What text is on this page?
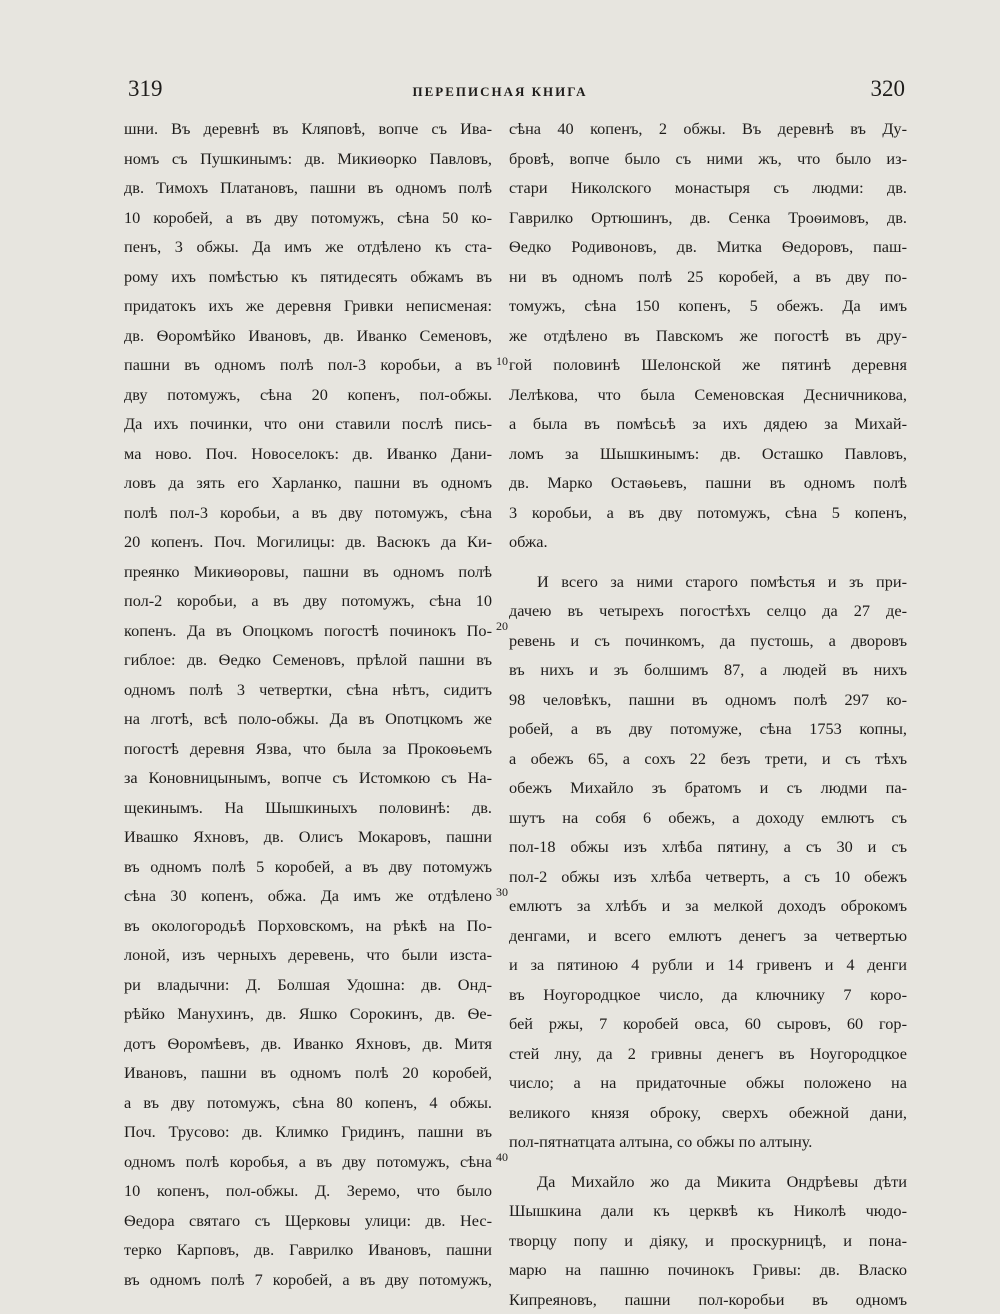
319	ПЕРЕПИСНАЯ КНИГА	320
шни. Въ деревнѣ въ Кляповѣ, вопче съ Ива-
номъ съ Пушкинымъ: дв. Микиѳорко Павловъ,
дв. Тимохъ Платановъ, пашни въ одномъ полѣ
10 коробей, а въ дву потомужъ, сѣна 50 ко-
пенъ, 3 обжы. Да имъ же отдѣлено къ ста-
рому ихъ помѣстью къ пятидесять обжамъ въ
придатокъ ихъ же деревня Гривки неписменая:
дв. Ѳоромѣйко Ивановъ, дв. Иванко Семеновъ,
пашни въ одномъ полѣ пол-3 коробьи, а въ
дву потомужъ, сѣна 20 копенъ, пол-обжы.
Да ихъ починки, что они ставили послѣ пись-
ма ново. Поч. Новоселокъ: дв. Иванко Дани-
ловъ да зять его Харланко, пашни въ одномъ
полѣ пол-3 коробьи, а въ дву потомужъ, сѣна
20 копенъ. Поч. Могилицы: дв. Васюкъ да Ки-
преянко Микиѳоровы, пашни въ одномъ полѣ
пол-2 коробьи, а въ дву потомужъ, сѣна 10
копенъ. Да въ Опоцкомъ погостѣ починокъ По-
гиблое: дв. Ѳедко Семеновъ, прѣлой пашни въ
одномъ полѣ 3 четвертки, сѣна нѣтъ, сидитъ
на лготѣ, всѣ поло-обжы. Да въ Опотцкомъ же
погостѣ деревня Язва, что была за Прокоѳьемъ
за Коновницынымъ, вопче съ Истомкою съ На-
щекинымъ. На Шышкиныхъ половинѣ: дв.
Ивашко Яхновъ, дв. Олисъ Мокаровъ, пашни
въ одномъ полѣ 5 коробей, а въ дву потомужъ
сѣна 30 копенъ, обжа. Да имъ же отдѣлено
въ окологородьѣ Порховскомъ, на рѣкѣ на По-
лоной, изъ черныхъ деревень, что были изста-
ри владычни: Д. Болшая Удошна: дв. Онд-
рѣйко Манухинъ, дв. Яшко Сорокинъ, дв. Ѳе-
дотъ Ѳоромѣевъ, дв. Иванко Яхновъ, дв. Митя
Ивановъ, пашни въ одномъ полѣ 20 коробей,
а въ дву потомужъ, сѣна 80 копенъ, 4 обжы.
Поч. Трусово: дв. Климко Гридинъ, пашни въ
одномъ полѣ коробья, а въ дву потомужъ, сѣна
10 копенъ, пол-обжы. Д. Зеремо, что было
Ѳедора святаго съ Щерковы улици: дв. Нес-
терко Карповъ, дв. Гаврилко Ивановъ, пашни
въ одномъ полѣ 7 коробей, а въ дву потомужъ,
сѣна 40 копенъ, 2 обжы. Въ деревнѣ въ Ду-
бровѣ, вопче было съ ними жъ, что было из-
стари Николского монастыря съ людми: дв.
Гаврилко Ортюшинъ, дв. Сенка Троѳимовъ, дв.
Ѳедко Родивоновъ, дв. Митка Ѳедоровъ, паш-
ни въ одномъ полѣ 25 коробей, а въ дву по-
томужъ, сѣна 150 копенъ, 5 обежъ. Да имъ
же отдѣлено въ Павскомъ же погостѣ въ дру-
гой половинѣ Шелонской же пятинѣ деревня
Лелѣкова, что была Семеновская Десничникова,
а была въ помѣсьѣ за ихъ дядею за Михай-
ломъ за Шышкинымъ: дв. Осташко Павловъ,
дв. Марко Остаѳьевъ, пашни въ одномъ полѣ
3 коробьи, а въ дву потомужъ, сѣна 5 копенъ,
обжа.
И всего за ними старого помѣстья и зъ при-
дачею въ четырехъ погостѣхъ селцо да 27 де-
ревень и съ починкомъ, да пустошь, а дворовъ
въ нихъ и зъ болшимъ 87, а людей въ нихъ
98 человѣкъ, пашни въ одномъ полѣ 297 ко-
робей, а въ дву потомуже, сѣна 1753 копны,
а обежъ 65, а сохъ 22 безъ трети, и съ тѣхъ
обежъ Михайло зъ братомъ и съ людми па-
шутъ на собя 6 обежъ, а доходу емлютъ съ
пол-18 обжы изъ хлѣба пятину, а съ 30 и съ
пол-2 обжы изъ хлѣба четверть, а съ 10 обежъ
емлютъ за хлѣбъ и за мелкой доходъ оброкомъ
денгами, и всего емлютъ денегъ за четвертью
и за пятиною 4 рубли и 14 гривенъ и 4 денги
въ Ноугородцкое число, да ключнику 7 коро-
бей ржы, 7 коробей овса, 60 сыровъ, 60 гор-
стей лну, да 2 гривны денегъ въ Ноугородцкое
число; а на придаточные обжы положено на
великого князя оброку, сверхъ обежной дани,
пол-пятнатцата алтына, со обжы по алтыну.
Да Михайло жо да Микита Ондрѣевы дѣти
Шышкина дали къ церквѣ къ Николѣ чюдо-
творцу попу и діяку, и проскурницѣ, и пона-
марю на пашню починокъ Гривы: дв. Власко
Кипреяновъ, пашни пол-коробьи въ одномъ
10
20
30
40
